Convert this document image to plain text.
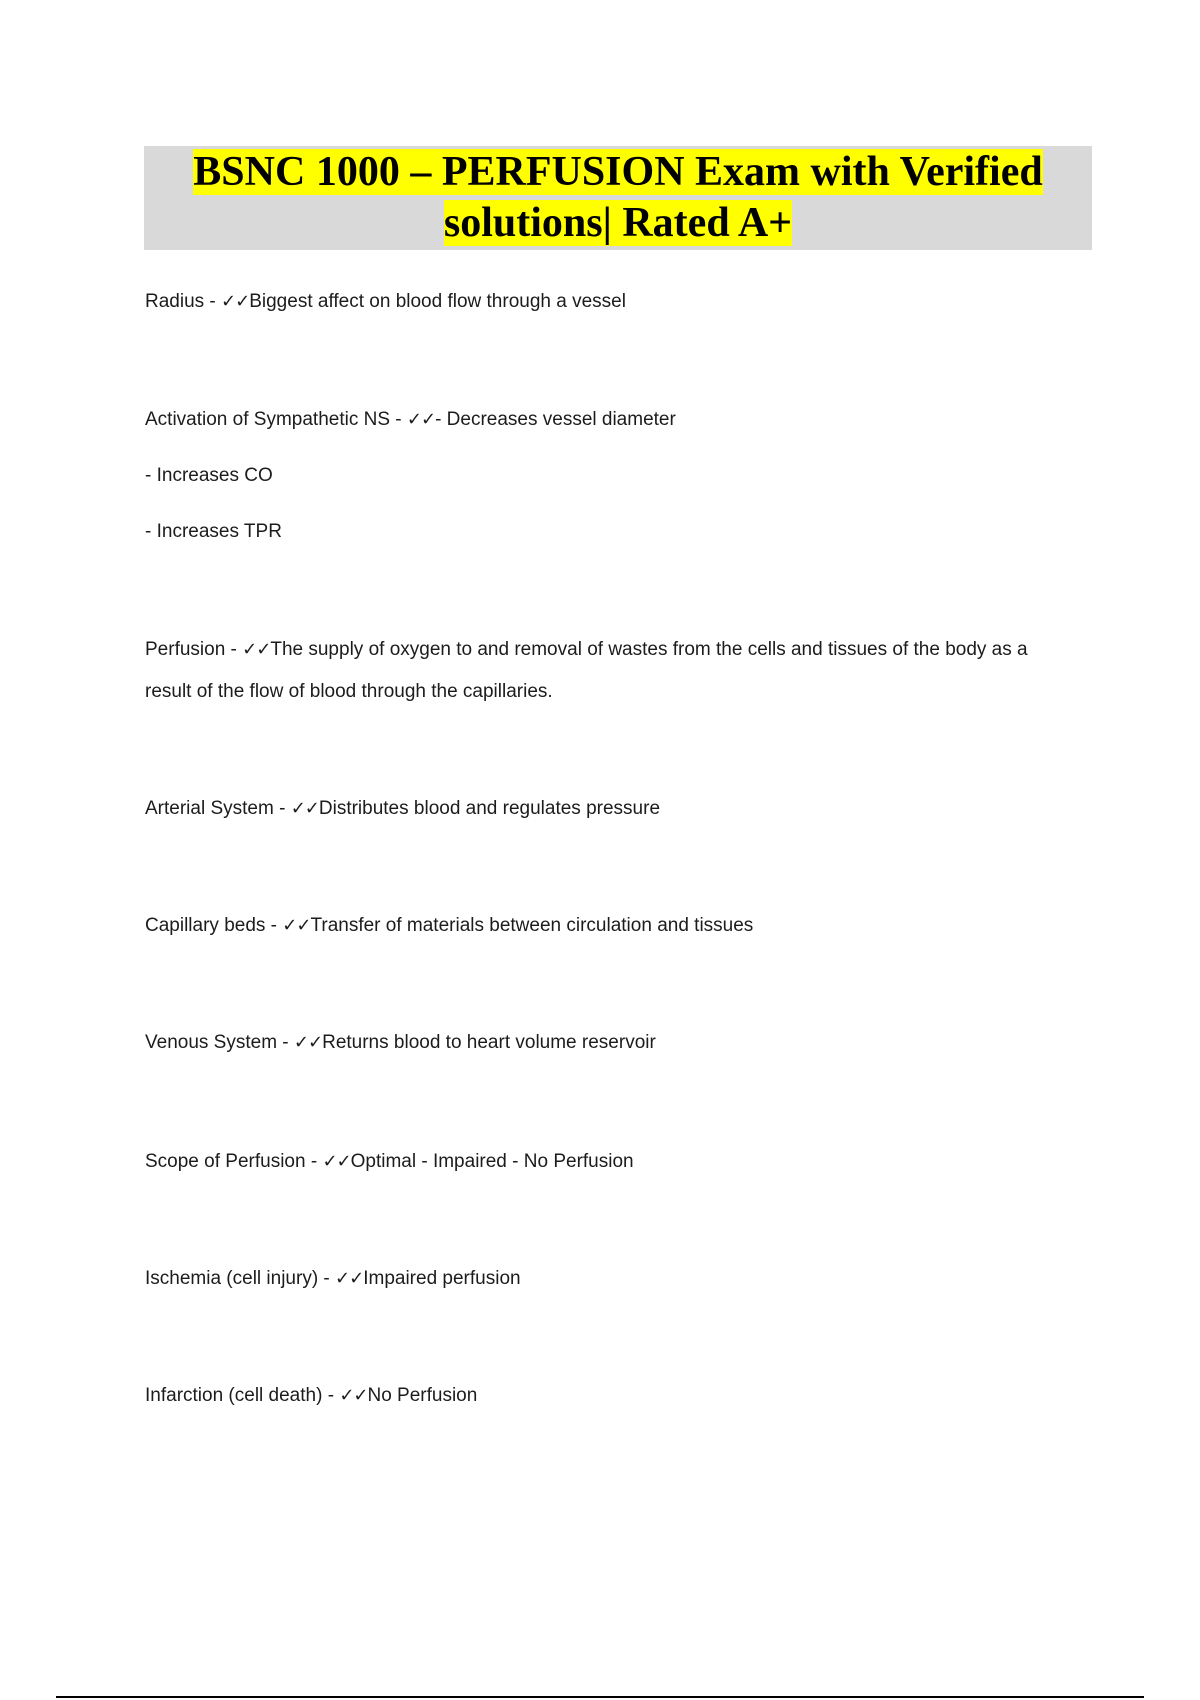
BSNC 1000 – PERFUSION Exam with Verified solutions| Rated A+

Radius - ✓✓Biggest affect on blood flow through a vessel

Activation of Sympathetic NS - ✓✓- Decreases vessel diameter

- Increases CO

- Increases TPR

Perfusion - ✓✓The supply of oxygen to and removal of wastes from the cells and tissues of the body as a

result of the flow of blood through the capillaries.

Arterial System - ✓✓Distributes blood and regulates pressure

Capillary beds - ✓✓Transfer of materials between circulation and tissues

Venous System - ✓✓Returns blood to heart volume reservoir

Scope of Perfusion - ✓✓Optimal - Impaired - No Perfusion

Ischemia (cell injury) - ✓✓Impaired perfusion

Infarction (cell death) - ✓✓No Perfusion
